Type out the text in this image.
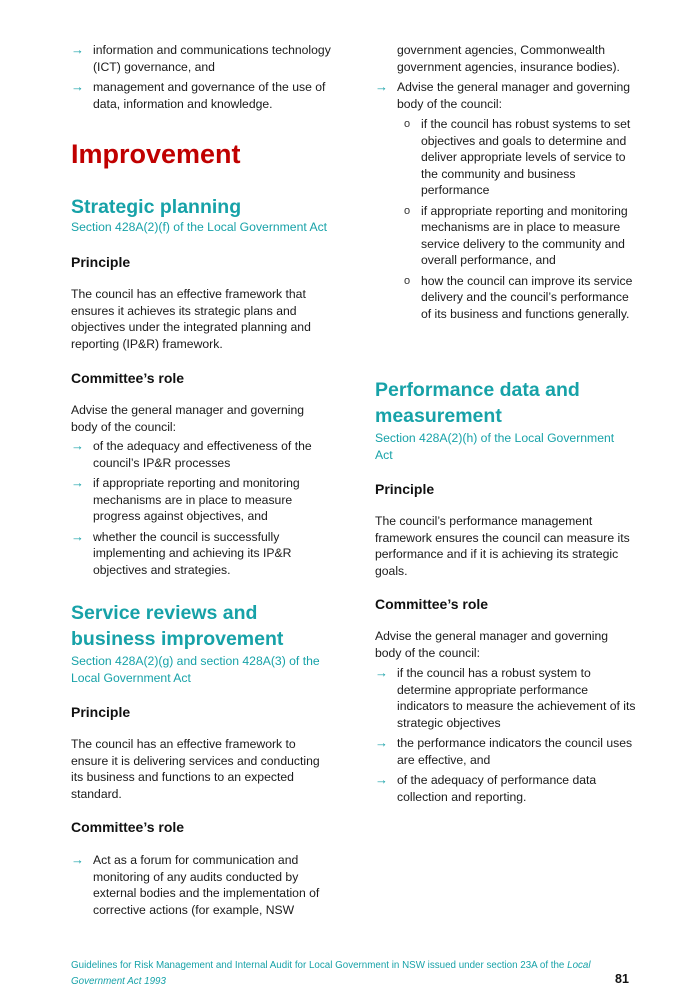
→ information and communications technology (ICT) governance, and
→ management and governance of the use of data, information and knowledge.
Improvement
Strategic planning
Section 428A(2)(f) of the Local Government Act
Principle

The council has an effective framework that ensures it achieves its strategic plans and objectives under the integrated planning and reporting (IP&R) framework.

Committee’s role

Advise the general manager and governing body of the council:

→ of the adequacy and effectiveness of the council’s IP&R processes
→ if appropriate reporting and monitoring mechanisms are in place to measure progress against objectives, and
→ whether the council is successfully implementing and achieving its IP&R objectives and strategies.
Service reviews and
business improvement
Section 428A(2)(g) and section 428A(3) of the Local Government Act
Principle

The council has an effective framework to ensure it is delivering services and conducting its business and functions to an expected standard.

Committee’s role
→ Act as a forum for communication and monitoring of any audits conducted by external bodies and the implementation of corrective actions (for example, NSW

government agencies, Commonwealth government agencies, insurance bodies).

→ Advise the general manager and governing body of the council:
o if the council has robust systems to set objectives and goals to determine and deliver appropriate levels of service to the community and business performance
o if appropriate reporting and monitoring mechanisms are in place to measure service delivery to the community and overall performance, and
o how the council can improve its service delivery and the council’s performance of its business and functions generally.
Performance data and
measurement
Section 428A(2)(h) of the Local Government Act
Principle

The council’s performance management framework ensures the council can measure its performance and if it is achieving its strategic goals.

Committee’s role

Advise the general manager and governing body of the council:

→ if the council has a robust system to determine appropriate performance indicators to measure the achievement of its strategic objectives
→ the performance indicators the council uses are effective, and
→ of the adequacy of performance data collection and reporting.
Guidelines for Risk Management and Internal Audit for Local Government in NSW issued under section 23A of the Local Government Act 1993	81
